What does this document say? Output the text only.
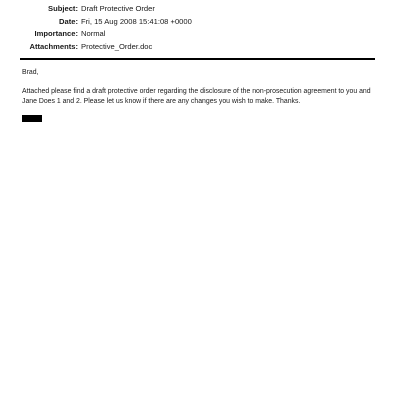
Subject: Draft Protective Order
Date: Fri, 15 Aug 2008 15:41:08 +0000
Importance: Normal
Attachments: Protective_Order.doc

Brad,

Attached please find a draft protective order regarding the disclosure of the non-prosecution agreement to you and Jane Does 1 and 2. Please let us know if there are any changes you wish to make. Thanks.
